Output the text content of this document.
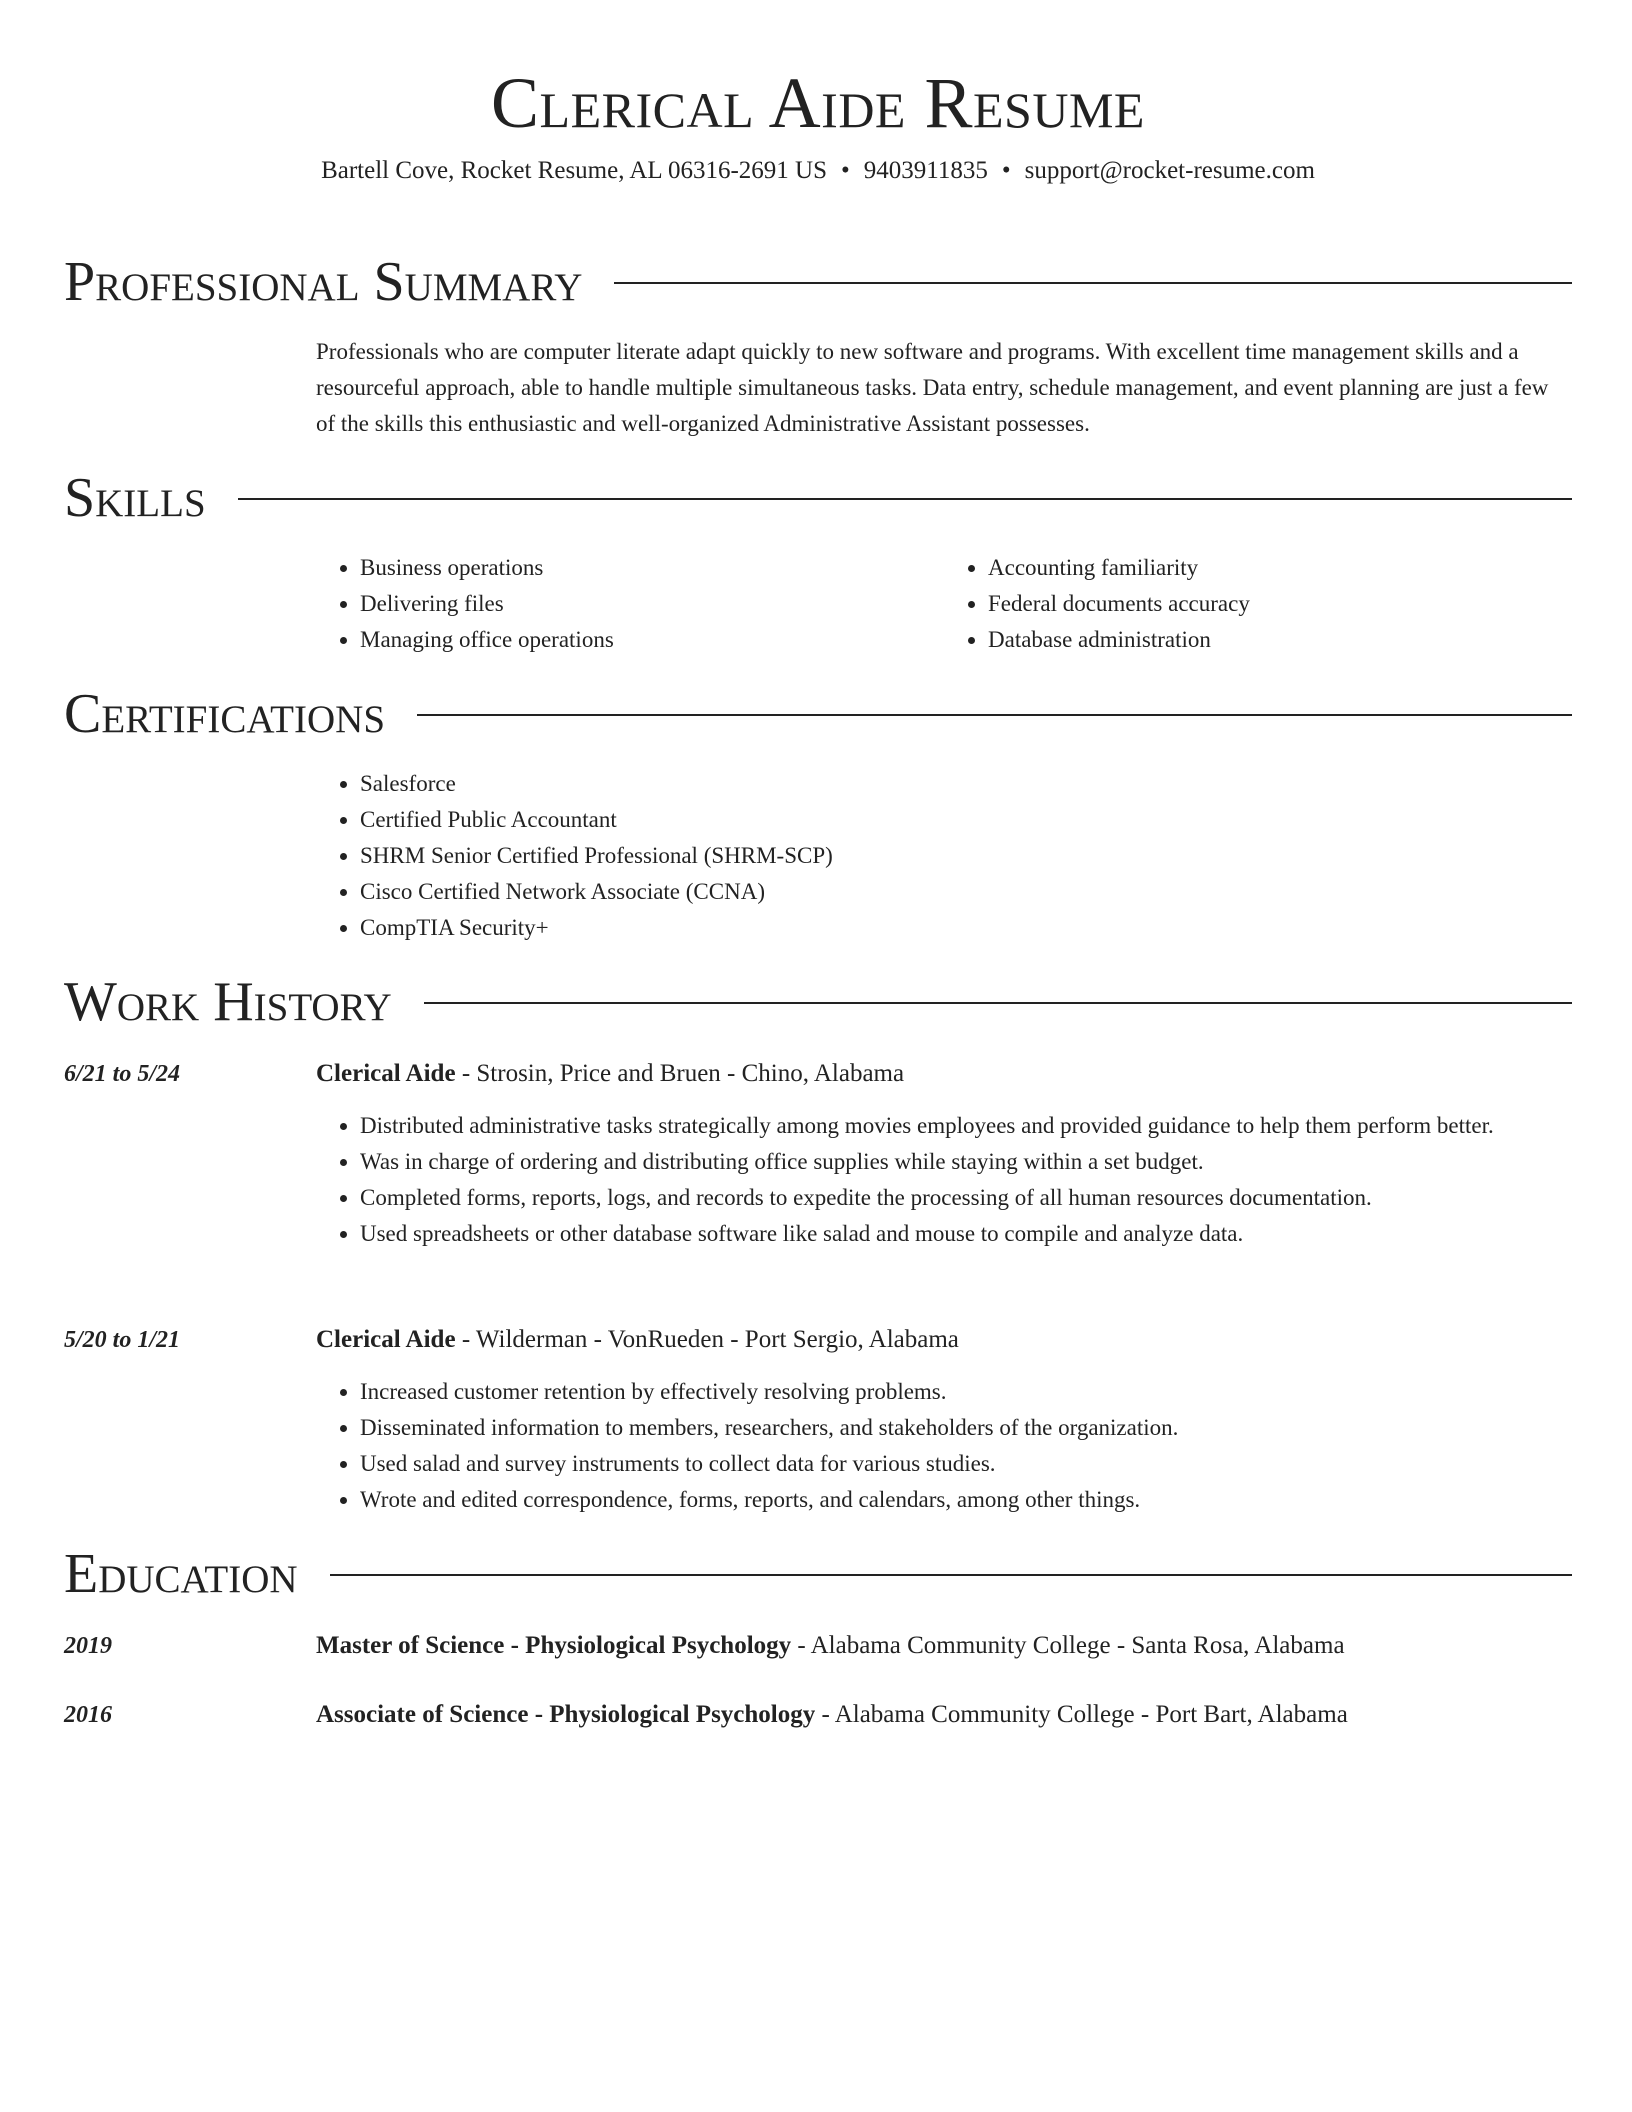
Clerical Aide Resume
Bartell Cove, Rocket Resume, AL 06316-2691 US • 9403911835 • support@rocket-resume.com
Professional Summary

Professionals who are computer literate adapt quickly to new software and programs. With excellent time management skills and a resourceful approach, able to handle multiple simultaneous tasks. Data entry, schedule management, and event planning are just a few of the skills this enthusiastic and well-organized Administrative Assistant possesses.

Skills
• Business operations
• Delivering files
• Managing office operations
• Accounting familiarity
• Federal documents accuracy
• Database administration
Certifications
• Salesforce
• Certified Public Accountant
• SHRM Senior Certified Professional (SHRM-SCP)
• Cisco Certified Network Associate (CCNA)
• CompTIA Security+
Work History
6/21 to 5/24	Clerical Aide - Strosin, Price and Bruen - Chino, Alabama
• Distributed administrative tasks strategically among movies employees and provided guidance to help them perform better.
• Was in charge of ordering and distributing office supplies while staying within a set budget.
• Completed forms, reports, logs, and records to expedite the processing of all human resources documentation.
• Used spreadsheets or other database software like salad and mouse to compile and analyze data.
5/20 to 1/21	Clerical Aide - Wilderman - VonRueden - Port Sergio, Alabama
• Increased customer retention by effectively resolving problems.
• Disseminated information to members, researchers, and stakeholders of the organization.
• Used salad and survey instruments to collect data for various studies.
• Wrote and edited correspondence, forms, reports, and calendars, among other things.
Education
2019	Master of Science - Physiological Psychology - Alabama Community College - Santa Rosa, Alabama
2016	Associate of Science - Physiological Psychology - Alabama Community College - Port Bart, Alabama
